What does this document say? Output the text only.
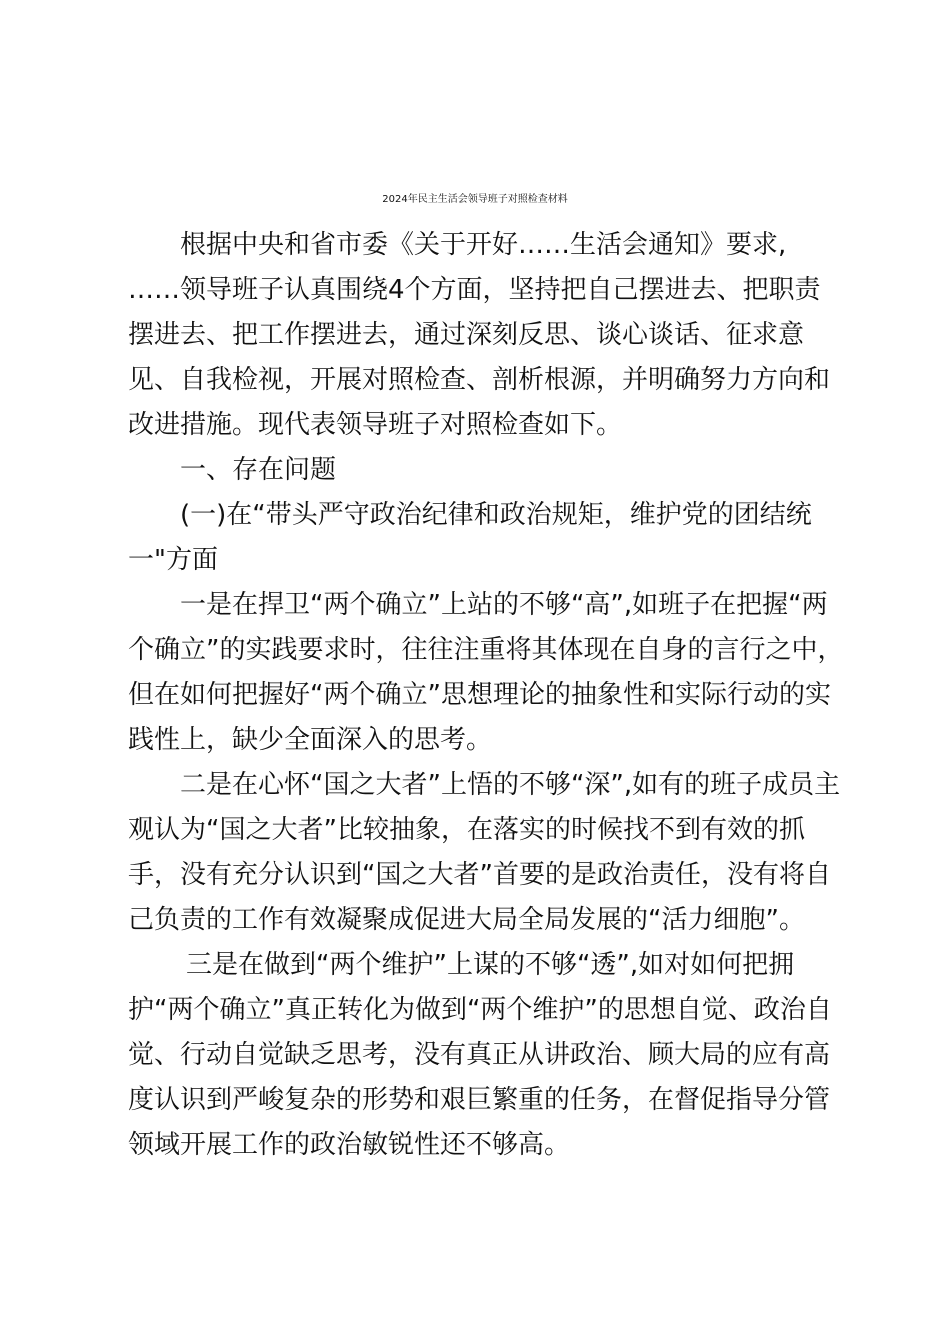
2024年民主生活会领导班子对照检查材料
根据中央和省市委《关于开好……生活会通知》要求,
……领导班子认真围绕4个方面，坚持把自己摆进去、把职责
摆进去、把工作摆进去，通过深刻反思、谈心谈话、征求意
见、自我检视，开展对照检查、剖析根源，并明确努力方向和
改进措施。现代表领导班子对照检查如下。
一、存在问题
(一)在“带头严守政治纪律和政治规矩，维护党的团结统
一"方面
一是在捍卫“两个确立”上站的不够“高”,如班子在把握“两
个确立”的实践要求时，往往注重将其体现在自身的言行之中，
但在如何把握好“两个确立”思想理论的抽象性和实际行动的实
践性上，缺少全面深入的思考。
二是在心怀“国之大者”上悟的不够“深”,如有的班子成员主
观认为“国之大者”比较抽象，在落实的时候找不到有效的抓
手，没有充分认识到“国之大者”首要的是政治责任，没有将自
己负责的工作有效凝聚成促进大局全局发展的“活力细胞”。
三是在做到“两个维护”上谋的不够“透”,如对如何把拥
护“两个确立”真正转化为做到“两个维护”的思想自觉、政治自
觉、行动自觉缺乏思考，没有真正从讲政治、顾大局的应有高
度认识到严峻复杂的形势和艰巨繁重的任务，在督促指导分管
领域开展工作的政治敏锐性还不够高。
